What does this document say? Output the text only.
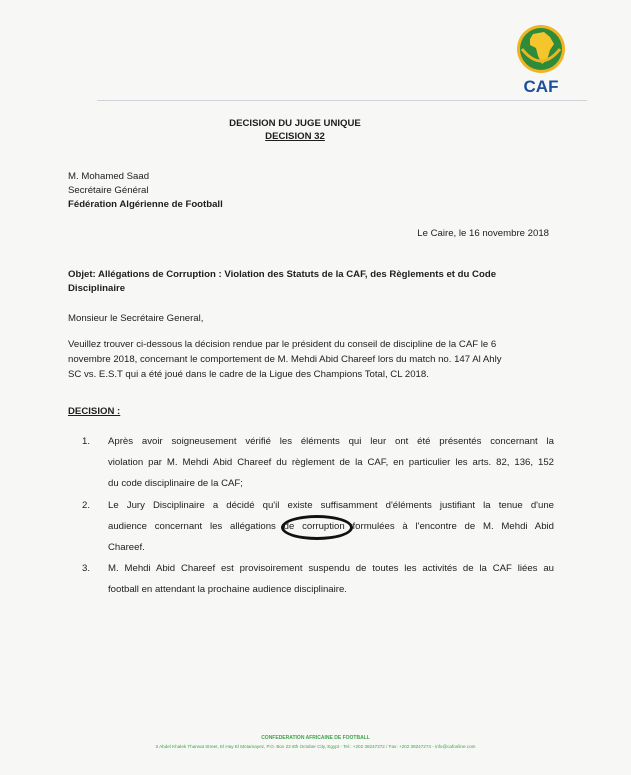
CAF
DECISION DU JUGE UNIQUE
DECISION 32
M. Mohamed Saad
Secrétaire Général
Fédération Algérienne de Football
Le Caire, le 16 novembre 2018
Objet: Allégations de Corruption : Violation des Statuts de la CAF, des Règlements et du Code
Disciplinaire
Monsieur le Secrétaire General,
Veuillez trouver ci-dessous la décision rendue par le président du conseil de discipline de la CAF le 6
novembre 2018, concernant le comportement de M. Mehdi Abid Chareef lors du match no. 147 Al Ahly
SC vs. E.S.T qui a été joué dans le cadre de la Ligue des Champions Total, CL 2018.
DECISION :
1. Après avoir soigneusement vérifié les éléments qui leur ont été présentés concernant la
violation par M. Mehdi Abid Chareef du règlement de la CAF, en particulier les arts. 82, 136, 152
du code disciplinaire de la CAF;
2. Le Jury Disciplinaire a décidé qu'il existe suffisamment d'éléments justifiant la tenue d'une
audience concernant les allégations de corruption formulées à l'encontre de M. Mehdi Abid
Chareef.
3. M. Mehdi Abid Chareef est provisoirement suspendu de toutes les activités de la CAF liées au
football en attendant la prochaine audience disciplinaire.
CONFEDERATION AFRICAINE DE FOOTBALL
3 Abdel Khalek Tharwat Street, El Hay El Motamayez, P.O. Box 23 6th October City, Egypt - Tel.: +202 38247272 / Fax: +202 38247274 - info@cafonline.com
